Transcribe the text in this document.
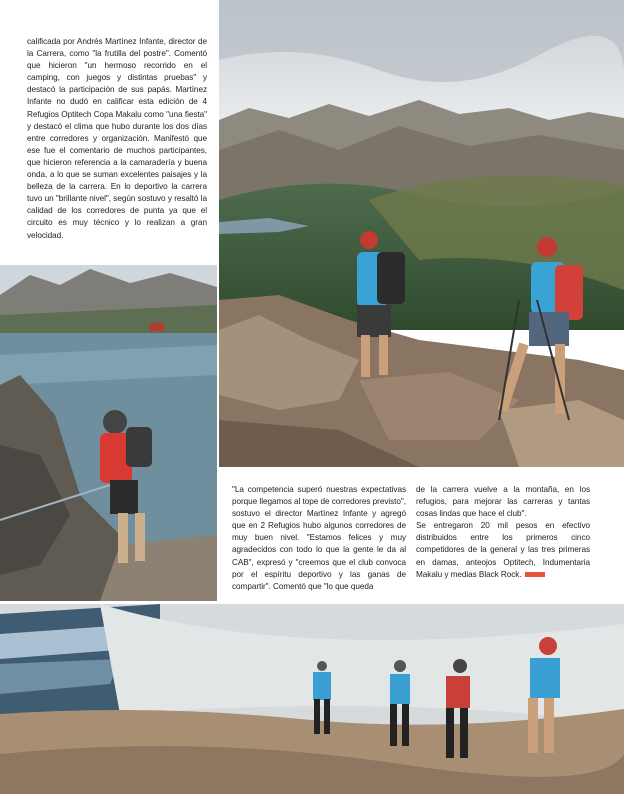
calificada por Andrés Martínez Infante, director de la Carrera, como "la frutilla del postre". Comentó que hicieron "un hermoso recorrido en el camping, con juegos y distintas pruebas" y destacó la participación de sus papás. Martínez Infante no dudó en calificar esta edición de 4 Refugios Optitech Copa Makalu como "una fiesta" y destacó el clima que hubo durante los dos días entre corredores y organización. Manifestó que ese fue el comentario de muchos participantes, que hicieron referencia a la camaradería y buena onda, a lo que se suman excelentes paisajes y la belleza de la carrera. En lo deportivo la carrera tuvo un "brillante nivel", según sostuvo y resaltó la calidad de los corredores de punta ya que el circuito es muy técnico y lo realizan a gran velocidad.

"La competencia superó nuestras expectativas porque llegamos al tope de corredores previsto", sostuvo el director Martínez Infante y agregó que en 2 Refugios hubo algunos corredores de muy buen nivel. "Estamos felices y muy agradecidos con todo lo que la gente le da al CAB", expresó y "creemos que el club convoca por el espíritu deportivo y las ganas de compartir". Comentó que "lo que queda

de la carrera vuelve a la montaña, en los refugios, para mejorar las carreras y tantas cosas lindas que hace el club".

Se entregaron 20 mil pesos en efectivo distribuidos entre los primeros cinco competidores de la general y las tres primeras en damas, anteojos Optitech, Indumentaria Makalu y medias Black Rock.
